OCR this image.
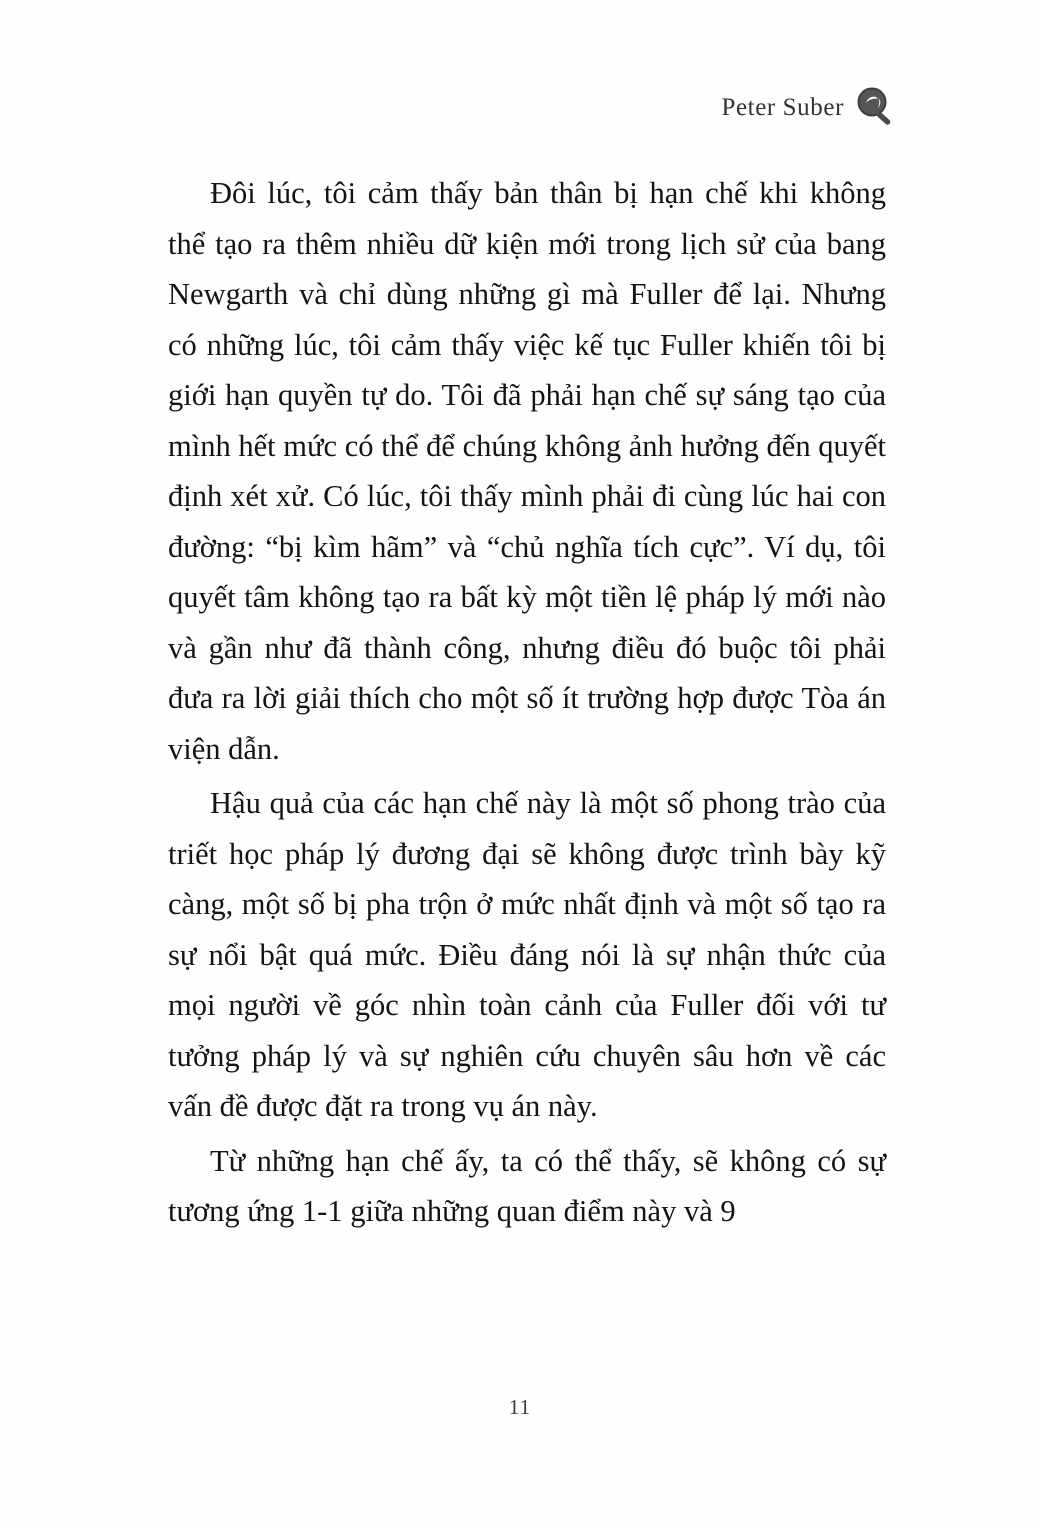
Peter Suber

Đôi lúc, tôi cảm thấy bản thân bị hạn chế khi không thể tạo ra thêm nhiều dữ kiện mới trong lịch sử của bang Newgarth và chỉ dùng những gì mà Fuller để lại. Nhưng có những lúc, tôi cảm thấy việc kế tục Fuller khiến tôi bị giới hạn quyền tự do. Tôi đã phải hạn chế sự sáng tạo của mình hết mức có thể để chúng không ảnh hưởng đến quyết định xét xử. Có lúc, tôi thấy mình phải đi cùng lúc hai con đường: “bị kìm hãm” và “chủ nghĩa tích cực”. Ví dụ, tôi quyết tâm không tạo ra bất kỳ một tiền lệ pháp lý mới nào và gần như đã thành công, nhưng điều đó buộc tôi phải đưa ra lời giải thích cho một số ít trường hợp được Tòa án viện dẫn.

Hậu quả của các hạn chế này là một số phong trào của triết học pháp lý đương đại sẽ không được trình bày kỹ càng, một số bị pha trộn ở mức nhất định và một số tạo ra sự nổi bật quá mức. Điều đáng nói là sự nhận thức của mọi người về góc nhìn toàn cảnh của Fuller đối với tư tưởng pháp lý và sự nghiên cứu chuyên sâu hơn về các vấn đề được đặt ra trong vụ án này.

Từ những hạn chế ấy, ta có thể thấy, sẽ không có sự tương ứng 1-1 giữa những quan điểm này và 9

11
